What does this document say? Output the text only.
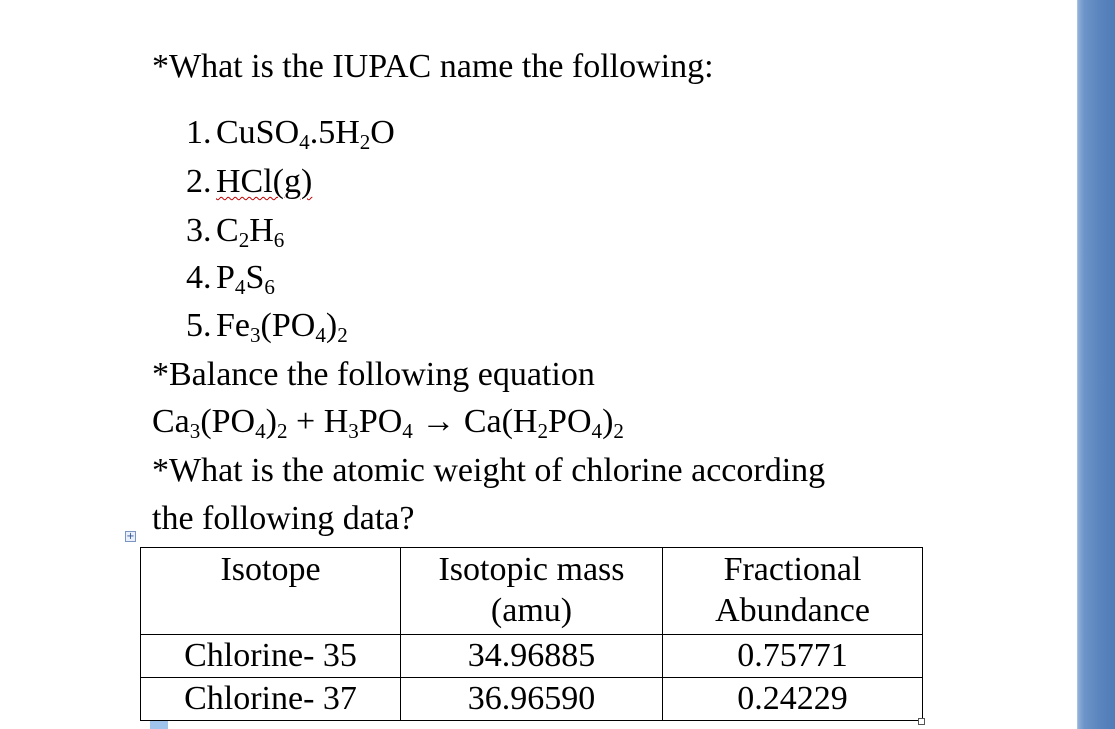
*What is the IUPAC name the following:
1. $CuSO_4.5H_2O$
2. HCl(g)
3. $C_2H_6$
4. $P_4S_6$
5. $Fe_3(PO_4)_2$
*Balance the following equation
$Ca_3(PO_4)_2 + H_3PO_4 \to Ca(H_2PO_4)_2$
*What is the atomic weight of chlorine according
the following data?
+
Isotope	Isotopic mass (amu)	Fractional Abundance
Chlorine- 35	34.96885	0.75771
Chlorine- 37	36.96590	0.24229
